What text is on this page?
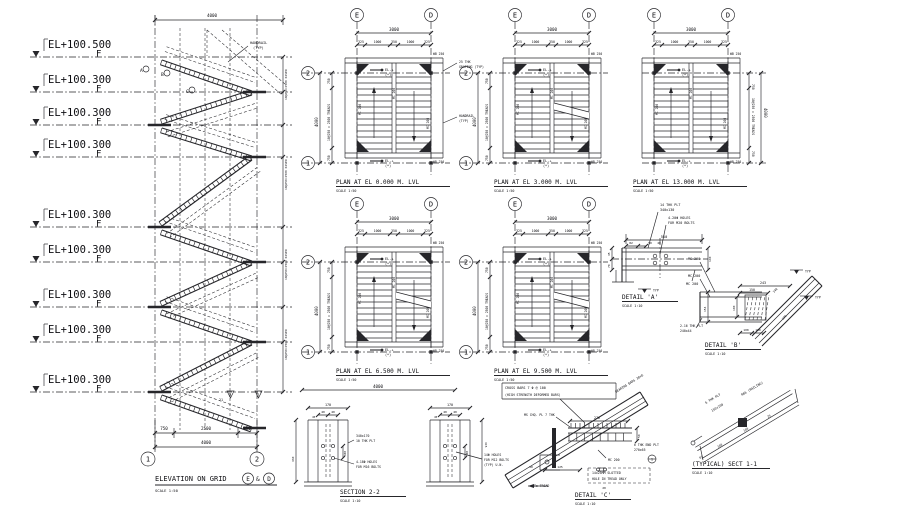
4000
HANDRAIL
(TYP)
EL+100.500
F
EL+100.300
F
EL+100.300
F
EL+100.300
F
EL+100.300
F
EL+100.300
F
EL+100.300
F
EL+100.300
F
EL+100.300
F
10@250=2500 RISER
10@250=2500 RISER
10@250=2500 RISER
10@250=2500 RISER
A
B
C
2	2
21
750	2500	750
4000
1	2
ELEVATION ON GRID	E & D
SCALE 1:50
E	D
3000
325	1000	350	1000	325
2
1
750
10@250 = 2500 TREADS
750
4000
WB 250
WB 250
MC 200
MC 200
MC 200
EL.+
(*)
EL.+
(*)
25 THK
GRATING (TYP)
HANDRAIL
(TYP)
PLAN AT EL 0.000 M. LVL
SCALE 1:50
E	D
3000
325	1000	350	1000	325
2
1
750
10@250 = 2500 TREADS
750
4000
WB 250
WB 250
MC 200
MC 200
MC 200
EL.+
(*)
EL.+
(*)
PLAN AT EL 3.000 M. LVL
SCALE 1:50
E	D
3000
325	1000	350	1000	325
750
10@250 = 2500 TREADS
750
4000
WB 250
WB 250
MC 200
MC 200
MC 200
EL.+
(*)
EL.+
(*)
PLAN AT EL 13.000 M. LVL
SCALE 1:50
E	D
3000
325	1000	350	1000	325
2
1
750
10@250 = 2500 TREADS
750
4000
WB 250
WB 250
MC 200
MC 200
MC 200
EL.+
(*)
EL.+
(*)
PLAN AT EL 6.500 M. LVL
SCALE 1:50
4000
E	D
3000
325	1000	350	1000	325
2
1
750
10@250 = 2500 TREADS
750
4000
WB 250
WB 250
MC 200
MC 200
MC 200
EL.+
(*)
EL.+
(*)
PLAN AT EL 9.500 M. LVL
SCALE 1:50
550
82	50 40
45
70
140
14 THK PLT
340x130
4-20Φ HOLES
FOR M20 BOLTS
MC 200
TYP
DETAIL 'A'
SCALE 1:10
243
150	140
100
154
100 100
100
MC 200
MC 200
2-16 THK PLT
240x44
TYP
TYP
DETAIL 'B'
SCALE 1:10
170
40 40
45
430
100
170
40 40
45
415
100
340x170
10 THK PLT
4-18Φ HOLES
FOR M16 BOLTS
14Φ HOLES
FOR M12 BOLTS
(TYP) U.N.
SECTION 2-2
SCALE 1:10
CROSS BARS 7 Φ @ 100
(HIGH STRENGTH DEFORMED BARS)
MS CHQ. PL 7 THK
BEARING BARS 30x6
6 THK END PLT
270x65
1
MC 200
14x25MM SLOTTED
HOLE IN TREAD ONLY
To TREAD
276
125
50
20
50
DETAIL 'C'
SCALE 1:10
100
100
25
65
6 THK PLT
150x100
R66 (RAILING)
(TYPICAL) SECT 1-1
SCALE 1:10
